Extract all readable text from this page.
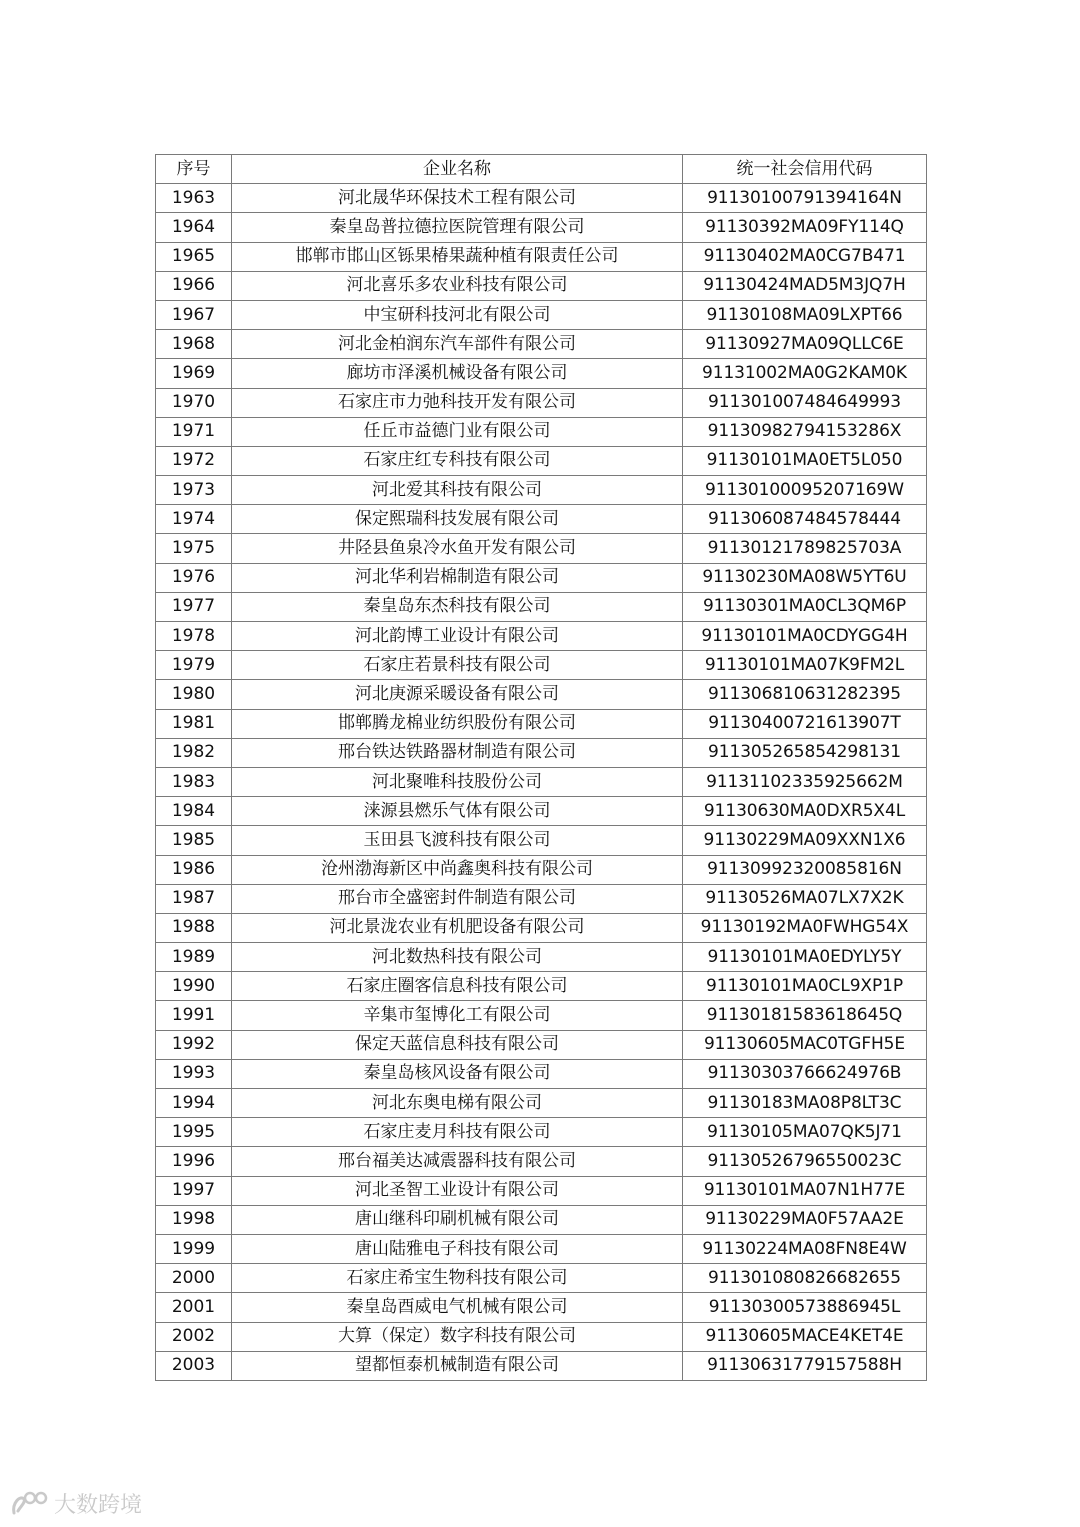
序号	企业名称	统一社会信用代码
1963	河北晟华环保技术工程有限公司	91130100791394164N
1964	秦皇岛普拉德拉医院管理有限公司	91130392MA09FY114Q
1965	邯郸市邯山区铄果椿果蔬种植有限责任公司	91130402MA0CG7B471
1966	河北喜乐多农业科技有限公司	91130424MAD5M3JQ7H
1967	中宝研科技河北有限公司	91130108MA09LXPT66
1968	河北金柏润东汽车部件有限公司	91130927MA09QLLC6E
1969	廊坊市泽溪机械设备有限公司	91131002MA0G2KAM0K
1970	石家庄市力弛科技开发有限公司	911301007484649993
1971	任丘市益德门业有限公司	91130982794153286X
1972	石家庄红专科技有限公司	91130101MA0ET5L050
1973	河北爱其科技有限公司	91130100095207169W
1974	保定熙瑞科技发展有限公司	911306087484578444
1975	井陉县鱼泉冷水鱼开发有限公司	91130121789825703A
1976	河北华利岩棉制造有限公司	91130230MA08W5YT6U
1977	秦皇岛东杰科技有限公司	91130301MA0CL3QM6P
1978	河北韵博工业设计有限公司	91130101MA0CDYGG4H
1979	石家庄若景科技有限公司	91130101MA07K9FM2L
1980	河北庚源采暖设备有限公司	911306810631282395
1981	邯郸腾龙棉业纺织股份有限公司	91130400721613907T
1982	邢台铁达铁路器材制造有限公司	911305265854298131
1983	河北聚唯科技股份公司	91131102335925662M
1984	涞源县燃乐气体有限公司	91130630MA0DXR5X4L
1985	玉田县飞渡科技有限公司	91130229MA09XXN1X6
1986	沧州渤海新区中尚鑫奥科技有限公司	91130992320085816N
1987	邢台市全盛密封件制造有限公司	91130526MA07LX7X2K
1988	河北景泷农业有机肥设备有限公司	91130192MA0FWHG54X
1989	河北数热科技有限公司	91130101MA0EDYLY5Y
1990	石家庄圈客信息科技有限公司	91130101MA0CL9XP1P
1991	辛集市玺博化工有限公司	91130181583618645Q
1992	保定天蓝信息科技有限公司	91130605MAC0TGFH5E
1993	秦皇岛核风设备有限公司	91130303766624976B
1994	河北东奥电梯有限公司	91130183MA08P8LT3C
1995	石家庄麦月科技有限公司	91130105MA07QK5J71
1996	邢台福美达减震器科技有限公司	91130526796550023C
1997	河北圣智工业设计有限公司	91130101MA07N1H77E
1998	唐山继科印刷机械有限公司	91130229MA0F57AA2E
1999	唐山陆雅电子科技有限公司	91130224MA08FN8E4W
2000	石家庄希宝生物科技有限公司	911301080826682655
2001	秦皇岛酉威电气机械有限公司	91130300573886945L
2002	大算（保定）数字科技有限公司	91130605MACE4KET4E
2003	望都恒泰机械制造有限公司	91130631779157588H
大数跨境
